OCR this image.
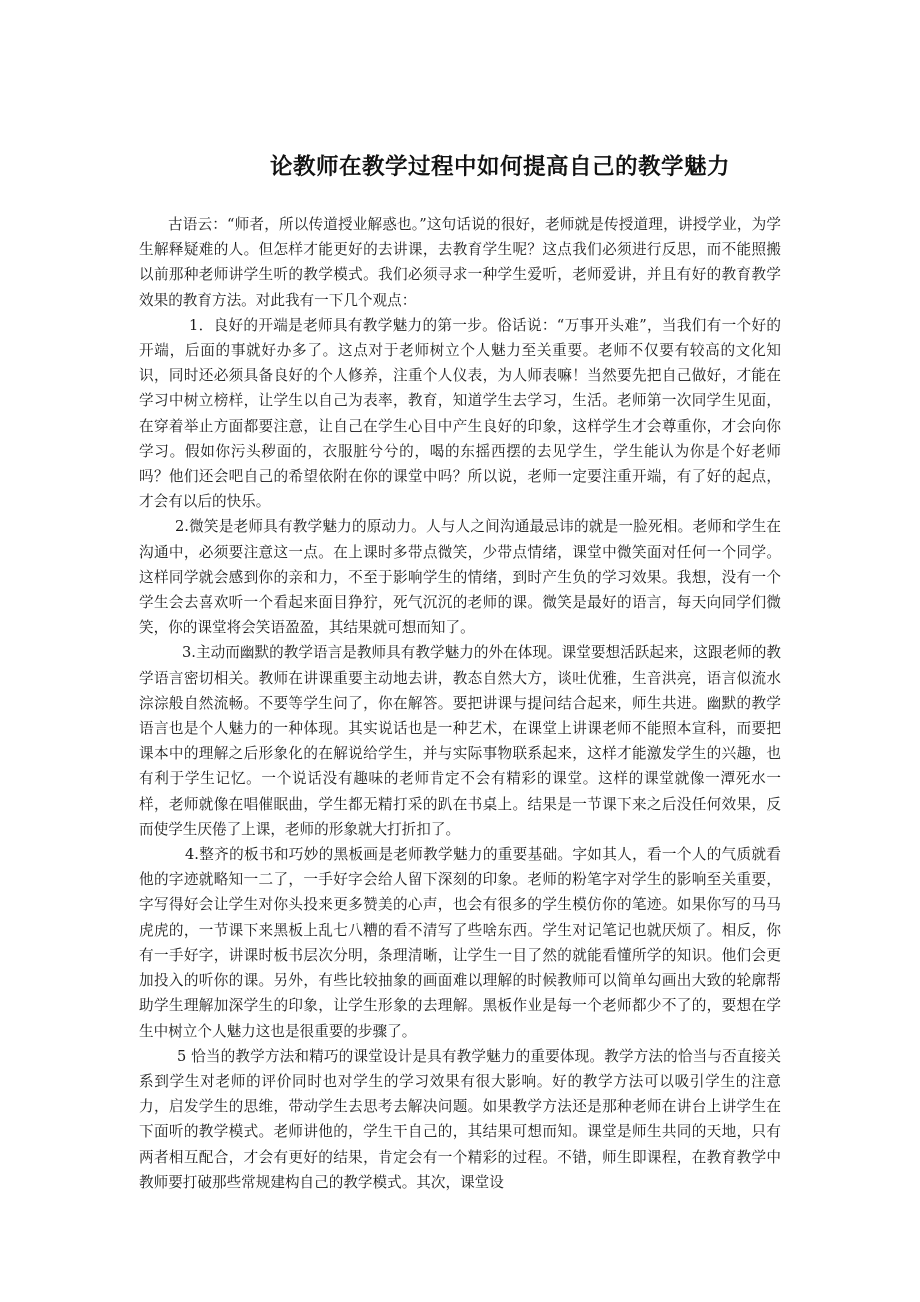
论教师在教学过程中如何提高自己的教学魅力

古语云：“师者，所以传道授业解惑也。”这句话说的很好，老师就是传授道理，讲授学业，为学生解释疑难的人。但怎样才能更好的去讲课，去教育学生呢？这点我们必须进行反思，而不能照搬以前那种老师讲学生听的教学模式。我们必须寻求一种学生爱听，老师爱讲，并且有好的教育教学效果的教育方法。对此我有一下几个观点：

1．良好的开端是老师具有教学魅力的第一步。俗话说：“万事开头难”，当我们有一个好的开端，后面的事就好办多了。这点对于老师树立个人魅力至关重要。老师不仅要有较高的文化知识，同时还必须具备良好的个人修养，注重个人仪表，为人师表嘛！当然要先把自己做好，才能在学习中树立榜样，让学生以自己为表率，教育，知道学生去学习，生活。老师第一次同学生见面，在穿着举止方面都要注意，让自己在学生心目中产生良好的印象，这样学生才会尊重你，才会向你学习。假如你污头秽面的，衣服脏兮兮的，喝的东摇西摆的去见学生，学生能认为你是个好老师吗？他们还会吧自己的希望依附在你的课堂中吗？所以说，老师一定要注重开端，有了好的起点，才会有以后的快乐。

2.微笑是老师具有教学魅力的原动力。人与人之间沟通最忌讳的就是一脸死相。老师和学生在沟通中，必须要注意这一点。在上课时多带点微笑，少带点情绪，课堂中微笑面对任何一个同学。这样同学就会感到你的亲和力，不至于影响学生的情绪，到时产生负的学习效果。我想，没有一个学生会去喜欢听一个看起来面目狰狞，死气沉沉的老师的课。微笑是最好的语言，每天向同学们微笑，你的课堂将会笑语盈盈，其结果就可想而知了。

3.主动而幽默的教学语言是教师具有教学魅力的外在体现。课堂要想活跃起来，这跟老师的教学语言密切相关。教师在讲课重要主动地去讲，教态自然大方，谈吐优雅，生音洪亮，语言似流水淙淙般自然流畅。不要等学生问了，你在解答。要把讲课与提问结合起来，师生共进。幽默的教学语言也是个人魅力的一种体现。其实说话也是一种艺术，在课堂上讲课老师不能照本宣科，而要把课本中的理解之后形象化的在解说给学生，并与实际事物联系起来，这样才能激发学生的兴趣，也有利于学生记忆。一个说话没有趣味的老师肯定不会有精彩的课堂。这样的课堂就像一潭死水一样，老师就像在唱催眠曲，学生都无精打采的趴在书桌上。结果是一节课下来之后没任何效果，反而使学生厌倦了上课，老师的形象就大打折扣了。

4.整齐的板书和巧妙的黑板画是老师教学魅力的重要基础。字如其人，看一个人的气质就看他的字迹就略知一二了，一手好字会给人留下深刻的印象。老师的粉笔字对学生的影响至关重要，字写得好会让学生对你头投来更多赞美的心声，也会有很多的学生模仿你的笔迹。如果你写的马马虎虎的，一节课下来黑板上乱七八糟的看不清写了些啥东西。学生对记笔记也就厌烦了。相反，你有一手好字，讲课时板书层次分明，条理清晰，让学生一目了然的就能看懂所学的知识。他们会更加投入的听你的课。另外，有些比较抽象的画面难以理解的时候教师可以简单勾画出大致的轮廓帮助学生理解加深学生的印象，让学生形象的去理解。黑板作业是每一个老师都少不了的，要想在学生中树立个人魅力这也是很重要的步骤了。

5 恰当的教学方法和精巧的课堂设计是具有教学魅力的重要体现。教学方法的恰当与否直接关系到学生对老师的评价同时也对学生的学习效果有很大影响。好的教学方法可以吸引学生的注意力，启发学生的思维，带动学生去思考去解决问题。如果教学方法还是那种老师在讲台上讲学生在下面听的教学模式。老师讲他的，学生干自己的，其结果可想而知。课堂是师生共同的天地，只有两者相互配合，才会有更好的结果，肯定会有一个精彩的过程。不错，师生即课程，在教育教学中教师要打破那些常规建构自己的教学模式。其次，课堂设
